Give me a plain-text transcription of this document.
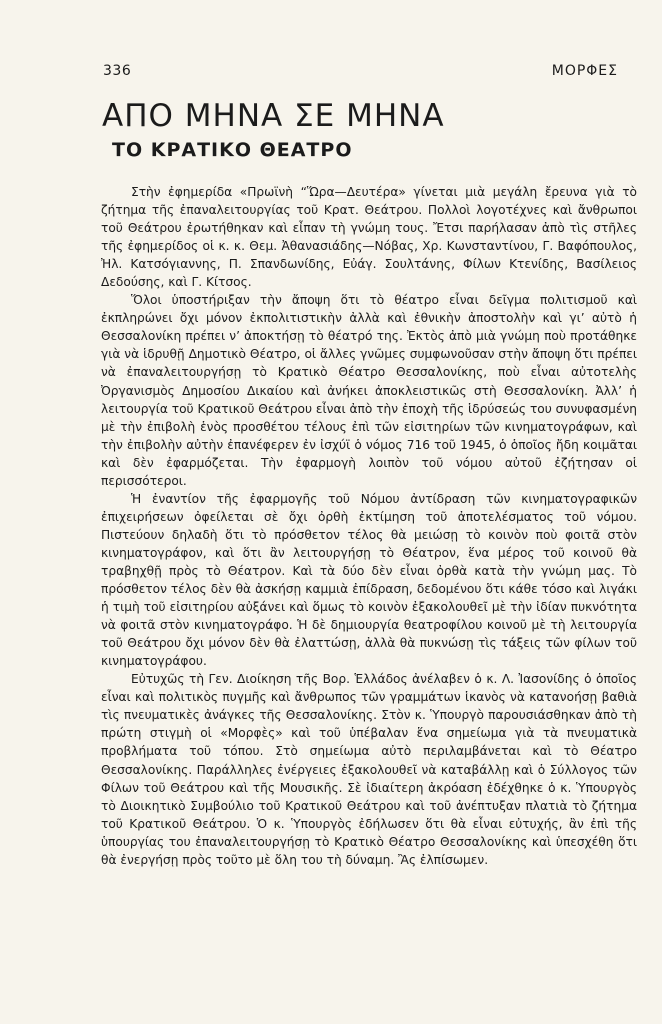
336	ΜΟΡΦΕΣ
ΑΠΟ ΜΗΝΑ ΣΕ ΜΗΝΑ
ΤΟ ΚΡΑΤΙΚΟ ΘΕΑΤΡΟ

Στὴν ἐφημερίδα «Πρωϊνὴ “Ὥρα—Δευτέρα» γίνεται μιὰ μεγάλη ἔρευνα γιὰ τὸ ζήτημα τῆς ἐπαναλειτουργίας τοῦ Κρατ. Θεάτρου. Πολλοὶ λογοτέχνες καὶ ἄνθρωποι τοῦ Θεάτρου ἐρωτήθηκαν καὶ εἶπαν τὴ γνώμη τους. Ἔτσι παρήλασαν ἀπὸ τὶς στῆλες τῆς ἐφημερίδος οἱ κ. κ. Θεμ. Ἀθανασιάδης—Νόβας, Χρ. Κωνσταντίνου, Γ. Βαφόπουλος, Ἠλ. Κατσόγιαννης, Π. Σπανδωνίδης, Εὐάγ. Σουλτάνης, Φίλων Κτενίδης, Βασίλειος Δεδούσης, καὶ Γ. Κίτσος.

Ὅλοι ὑποστήριξαν τὴν ἄποψη ὅτι τὸ θέατρο εἶναι δεῖγμα πολιτισμοῦ καὶ ἐκπληρώνει ὄχι μόνον ἐκπολιτιστικὴν ἀλλὰ καὶ ἐθνικὴν ἀποστολὴν καὶ γι’ αὐτὸ ἡ Θεσσαλονίκη πρέπει ν’ ἀποκτήσῃ τὸ θέατρό της. Ἐκτὸς ἀπὸ μιὰ γνώμη ποὺ προτάθηκε γιὰ νὰ ἱδρυθῇ Δημοτικὸ Θέατρο, οἱ ἄλλες γνῶμες συμφωνοῦσαν στὴν ἄποψη ὅτι πρέπει νὰ ἐπαναλειτουργήσῃ τὸ Κρατικὸ Θέατρο Θεσσαλονίκης, ποὺ εἶναι αὐτοτελὴς Ὀργανισμὸς Δημοσίου Δικαίου καὶ ἀνήκει ἀποκλειστικῶς στὴ Θεσσαλονίκη. Ἀλλ’ ἡ λειτουργία τοῦ Κρατικοῦ Θεάτρου εἶναι ἀπὸ τὴν ἐποχὴ τῆς ἱδρύσεώς του συνυφασμένη μὲ τὴν ἐπιβολὴ ἑνὸς προσθέτου τέλους ἐπὶ τῶν εἰσιτηρίων τῶν κινηματογράφων, καὶ τὴν ἐπιβολὴν αὐτὴν ἐπανέφερεν ἐν ἰσχύϊ ὁ νόμος 716 τοῦ 1945, ὁ ὁποῖος ἤδη κοιμᾶται καὶ δὲν ἐφαρμόζεται. Τὴν ἐφαρμογὴ λοιπὸν τοῦ νόμου αὐτοῦ ἐζήτησαν οἱ περισσότεροι.

Ἡ ἐναντίον τῆς ἐφαρμογῆς τοῦ Νόμου ἀντίδραση τῶν κινηματογραφικῶν ἐπιχειρήσεων ὀφείλεται σὲ ὄχι ὀρθὴ ἐκτίμηση τοῦ ἀποτελέσματος τοῦ νόμου. Πιστεύουν δηλαδὴ ὅτι τὸ πρόσθετον τέλος θὰ μειώσῃ τὸ κοινὸν ποὺ φοιτᾶ στὸν κινηματογράφον, καὶ ὅτι ἂν λειτουργήσῃ τὸ Θέατρον, ἕνα μέρος τοῦ κοινοῦ θὰ τραβηχθῇ πρὸς τὸ Θέατρον. Καὶ τὰ δύο δὲν εἶναι ὀρθὰ κατὰ τὴν γνώμη μας. Τὸ πρόσθετον τέλος δὲν θὰ ἀσκήσῃ καμμιὰ ἐπίδραση, δεδομένου ὅτι κάθε τόσο καὶ λιγάκι ἡ τιμὴ τοῦ εἰσιτηρίου αὐξάνει καὶ ὅμως τὸ κοινὸν ἐξακολουθεῖ μὲ τὴν ἰδίαν πυκνότητα νὰ φοιτᾶ στὸν κινηματογράφο. Ἡ δὲ δημιουργία θεατροφίλου κοινοῦ μὲ τὴ λειτουργία τοῦ Θεάτρου ὄχι μόνον δὲν θὰ ἐλαττώσῃ, ἀλλὰ θὰ πυκνώσῃ τὶς τάξεις τῶν φίλων τοῦ κινηματογράφου.

Εὐτυχῶς τὴ Γεν. Διοίκηση τῆς Βορ. Ἑλλάδος ἀνέλαβεν ὁ κ. Λ. Ἰασονίδης ὁ ὁποῖος εἶναι καὶ πολιτικὸς πυγμῆς καὶ ἄνθρωπος τῶν γραμμάτων ἱκανὸς νὰ κατανοήσῃ βαθιὰ τὶς πνευματικὲς ἀνάγκες τῆς Θεσσαλονίκης. Στὸν κ. Ὑπουργὸ παρουσιάσθηκαν ἀπὸ τὴ πρώτη στιγμὴ οἱ «Μορφὲς» καὶ τοῦ ὑπέβαλαν ἕνα σημείωμα γιὰ τὰ πνευματικὰ προβλήματα τοῦ τόπου. Στὸ σημείωμα αὐτὸ περιλαμβάνεται καὶ τὸ Θέατρο Θεσσαλονίκης. Παράλληλες ἐνέργειες ἐξακολουθεῖ νὰ καταβάλλῃ καὶ ὁ Σύλλογος τῶν Φίλων τοῦ Θεάτρου καὶ τῆς Μουσικῆς. Σὲ ἰδιαίτερη ἀκρόαση ἐδέχθηκε ὁ κ. Ὑπουργὸς τὸ Διοικητικὸ Συμβούλιο τοῦ Κρατικοῦ Θεάτρου καὶ τοῦ ἀνέπτυξαν πλατιὰ τὸ ζήτημα τοῦ Κρατικοῦ Θεάτρου. Ὁ κ. Ὑπουργὸς ἐδήλωσεν ὅτι θὰ εἶναι εὐτυχής, ἂν ἐπὶ τῆς ὑπουργίας του ἐπαναλειτουργήσῃ τὸ Κρατικὸ Θέατρο Θεσσαλονίκης καὶ ὑπεσχέθη ὅτι θὰ ἐνεργήσῃ πρὸς τοῦτο μὲ ὅλη του τὴ δύναμη. Ἂς ἐλπίσωμεν.
